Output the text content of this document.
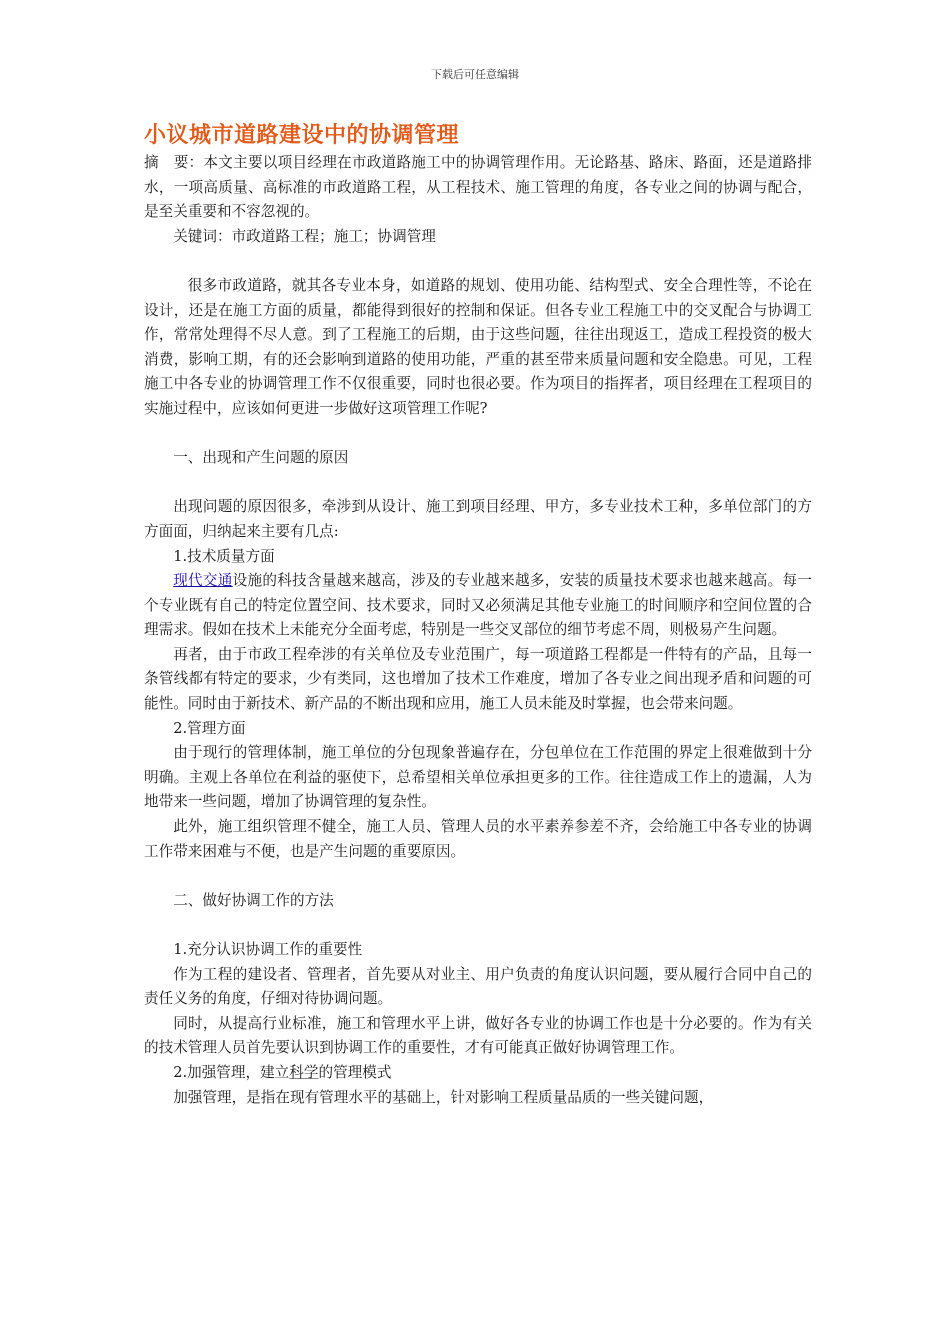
下载后可任意编辑
小议城市道路建设中的协调管理

摘　要：本文主要以项目经理在市政道路施工中的协调管理作用。无论路基、路床、路面，还是道路排水，一项高质量、高标准的市政道路工程，从工程技术、施工管理的角度，各专业之间的协调与配合，是至关重要和不容忽视的。

关键词：市政道路工程；施工；协调管理

很多市政道路，就其各专业本身，如道路的规划、使用功能、结构型式、安全合理性等，不论在设计，还是在施工方面的质量，都能得到很好的控制和保证。但各专业工程施工中的交叉配合与协调工作，常常处理得不尽人意。到了工程施工的后期，由于这些问题，往往出现返工，造成工程投资的极大消费，影响工期，有的还会影响到道路的使用功能，严重的甚至带来质量问题和安全隐患。可见，工程施工中各专业的协调管理工作不仅很重要，同时也很必要。作为项目的指挥者，项目经理在工程项目的实施过程中，应该如何更进一步做好这项管理工作呢?

一、出现和产生问题的原因

出现问题的原因很多，牵涉到从设计、施工到项目经理、甲方，多专业技术工种，多单位部门的方方面面，归纳起来主要有几点:

1.技术质量方面

现代交通设施的科技含量越来越高，涉及的专业越来越多，安装的质量技术要求也越来越高。每一个专业既有自己的特定位置空间、技术要求，同时又必须满足其他专业施工的时间顺序和空间位置的合理需求。假如在技术上未能充分全面考虑，特别是一些交叉部位的细节考虑不周，则极易产生问题。

再者，由于市政工程牵涉的有关单位及专业范围广，每一项道路工程都是一件特有的产品，且每一条管线都有特定的要求，少有类同，这也增加了技术工作难度，增加了各专业之间出现矛盾和问题的可能性。同时由于新技术、新产品的不断出现和应用，施工人员未能及时掌握，也会带来问题。

2.管理方面

由于现行的管理体制，施工单位的分包现象普遍存在，分包单位在工作范围的界定上很难做到十分明确。主观上各单位在利益的驱使下，总希望相关单位承担更多的工作。往往造成工作上的遗漏，人为地带来一些问题，增加了协调管理的复杂性。

此外，施工组织管理不健全，施工人员、管理人员的水平素养参差不齐，会给施工中各专业的协调工作带来困难与不便，也是产生问题的重要原因。

二、做好协调工作的方法

1.充分认识协调工作的重要性

作为工程的建设者、管理者，首先要从对业主、用户负责的角度认识问题，要从履行合同中自己的责任义务的角度，仔细对待协调问题。

同时，从提高行业标准，施工和管理水平上讲，做好各专业的协调工作也是十分必要的。作为有关的技术管理人员首先要认识到协调工作的重要性，才有可能真正做好协调管理工作。

2.加强管理，建立科学的管理模式

加强管理，是指在现有管理水平的基础上，针对影响工程质量品质的一些关键问题，
